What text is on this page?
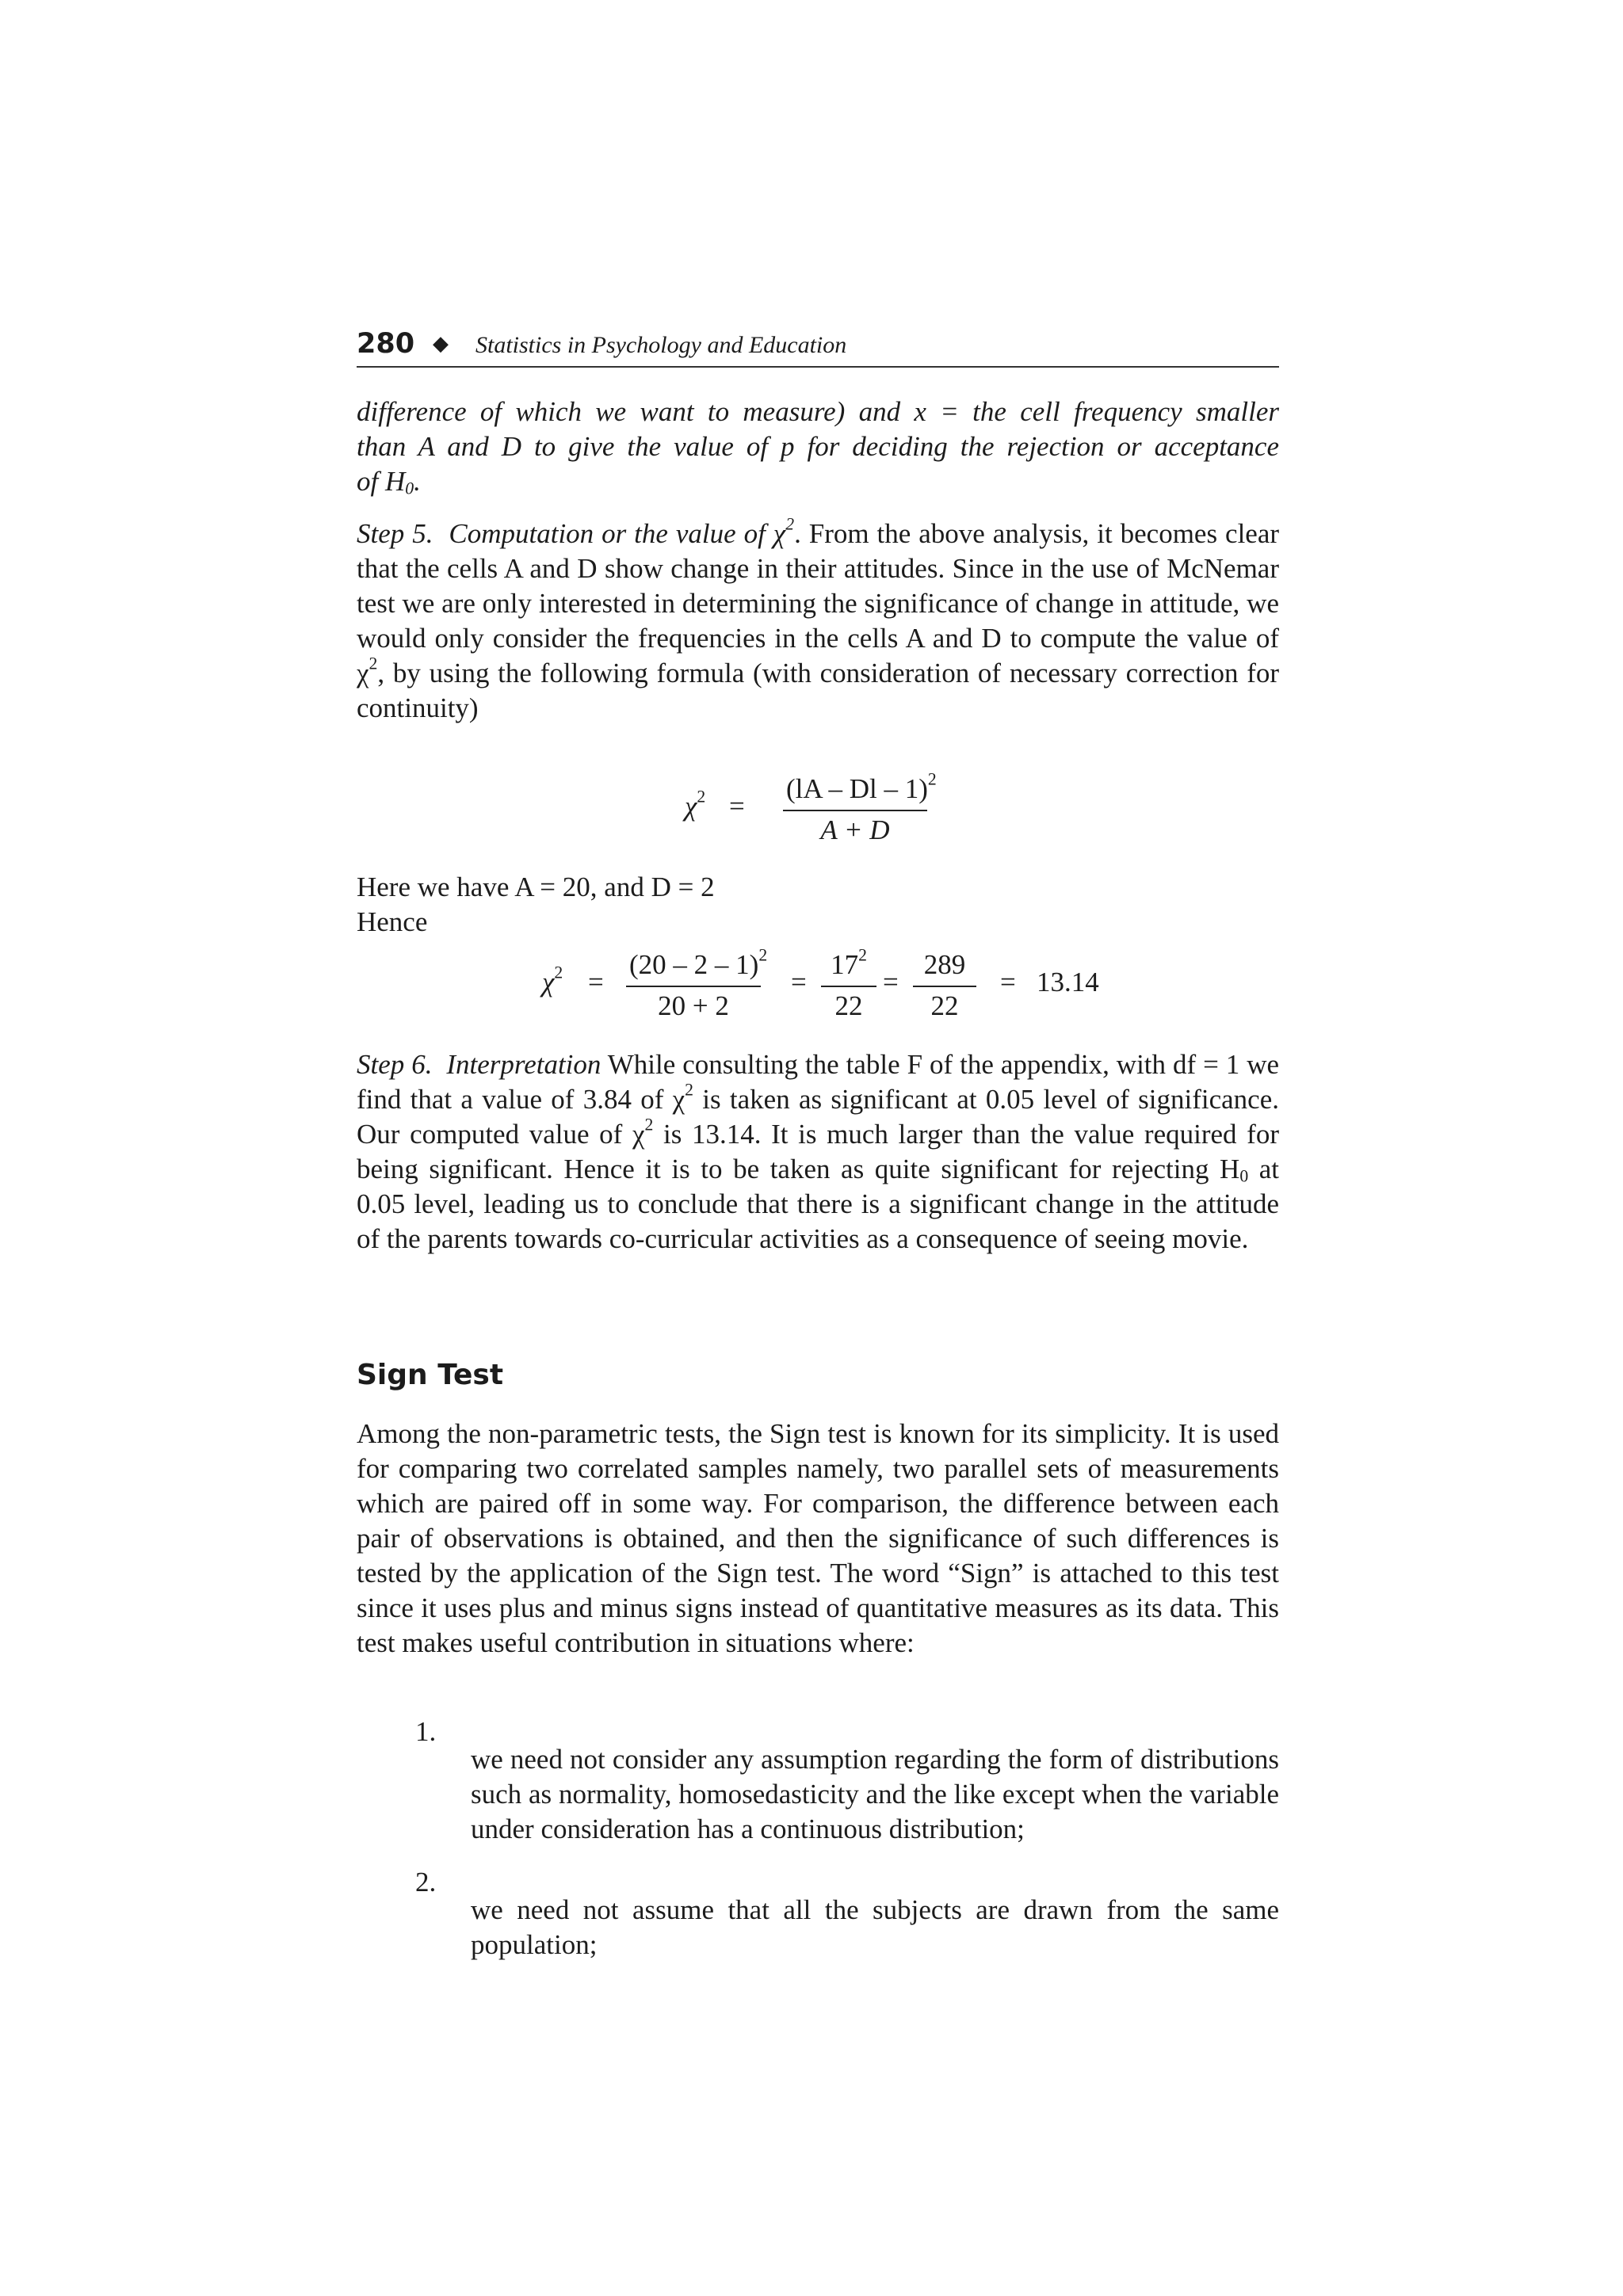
280 ◆ Statistics in Psychology and Education

difference of which we want to measure) and x = the cell frequency smaller

than A and D to give the value of p for deciding the rejection or acceptance

of $H_0$.

Step 5. Computation or the value of $\chi^2$. From the above analysis, it becomes clear that the cells A and D show change in their attitudes. Since in the use of McNemar test we are only interested in determining the significance of change in attitude, we would only consider the frequencies in the cells A and D to compute the value of $\chi^2$, by using the following formula (with consideration of necessary correction for continuity)

$\chi^2 = \frac{(lA - Dl - 1)^2}{A + D}$

Here we have A = 20, and D = 2

Hence

$\chi^2 = \frac{(20 - 2 - 1)^2}{20 + 2} = \frac{17^2}{22} = \frac{289}{22} = 13.14$

Step 6. Interpretation While consulting the table F of the appendix, with df = 1 we find that a value of 3.84 of $\chi^2$ is taken as significant at 0.05 level of significance. Our computed value of $\chi^2$ is 13.14. It is much larger than the value required for being significant. Hence it is to be taken as quite significant for rejecting $H_0$ at 0.05 level, leading us to conclude that there is a significant change in the attitude of the parents towards co-curricular activities as a consequence of seeing movie.

Sign Test

Among the non-parametric tests, the Sign test is known for its simplicity. It is used for comparing two correlated samples namely, two parallel sets of measurements which are paired off in some way. For comparison, the difference between each pair of observations is obtained, and then the significance of such differences is tested by the application of the Sign test. The word “Sign” is attached to this test since it uses plus and minus signs instead of quantitative measures as its data. This test makes useful contribution in situations where:

1.

we need not consider any assumption regarding the form of distributions such as normality, homosedasticity and the like except when the variable under consideration has a continuous distribution;

2.

we need not assume that all the subjects are drawn from the same population;
